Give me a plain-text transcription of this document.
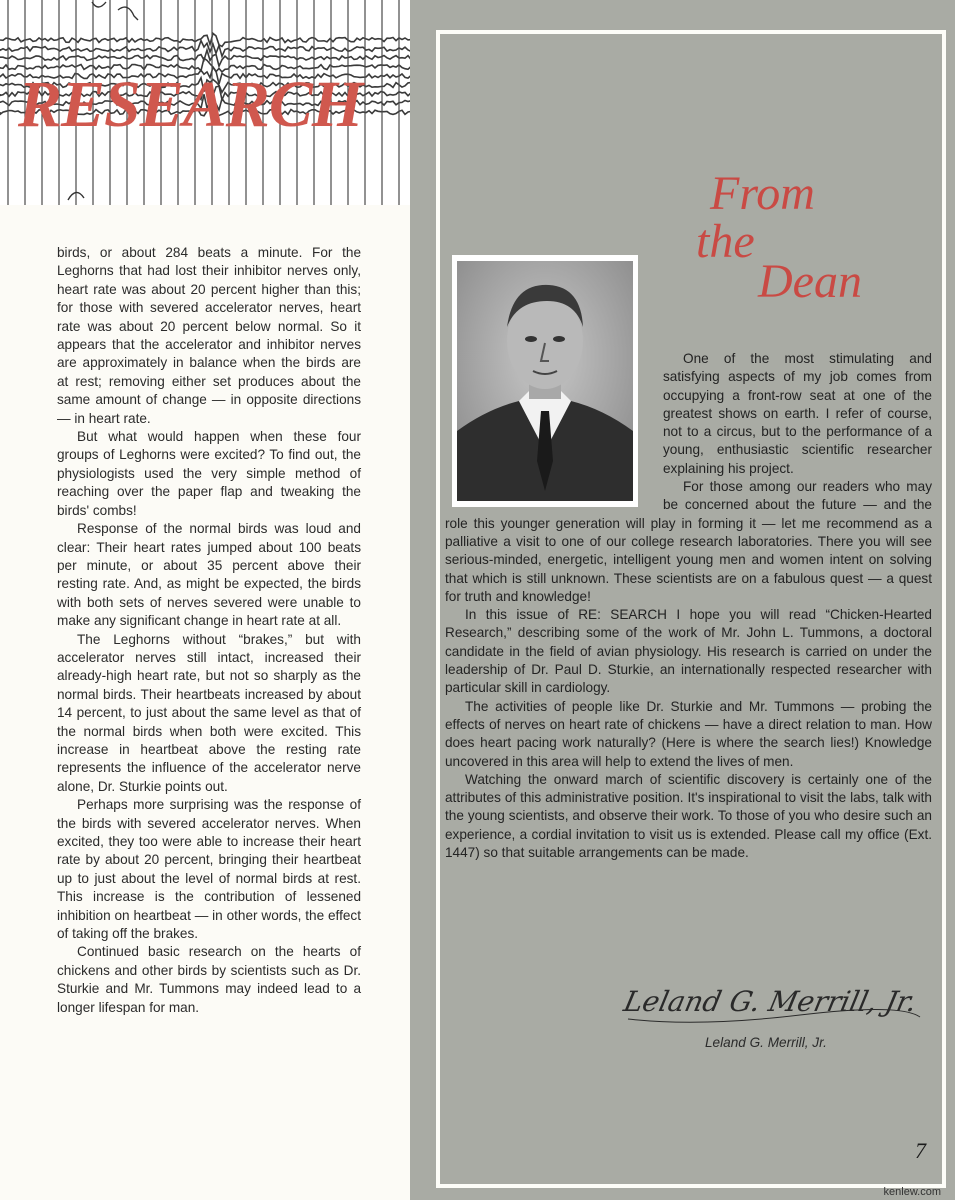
RESEARCH

birds, or about 284 beats a minute. For the Leghorns that had lost their inhibitor nerves only, heart rate was about 20 percent higher than this; for those with severed accelerator nerves, heart rate was about 20 percent below normal. So it appears that the accelerator and inhibitor nerves are approximately in balance when the birds are at rest; removing either set produces about the same amount of change — in opposite directions — in heart rate.

But what would happen when these four groups of Leghorns were excited? To find out, the physiologists used the very simple method of reaching over the paper flap and tweaking the birds' combs!

Response of the normal birds was loud and clear: Their heart rates jumped about 100 beats per minute, or about 35 percent above their resting rate. And, as might be expected, the birds with both sets of nerves severed were unable to make any significant change in heart rate at all.

The Leghorns without “brakes,” but with accelerator nerves still intact, increased their already-high heart rate, but not so sharply as the normal birds. Their heartbeats increased by about 14 percent, to just about the same level as that of the normal birds when both were excited. This increase in heartbeat above the resting rate represents the influence of the accelerator nerve alone, Dr. Sturkie points out.

Perhaps more surprising was the response of the birds with severed accelerator nerves. When excited, they too were able to increase their heart rate by about 20 percent, bringing their heartbeat up to just about the level of normal birds at rest. This increase is the contribution of lessened inhibition on heartbeat — in other words, the effect of taking off the brakes.

Continued basic research on the hearts of chickens and other birds by scientists such as Dr. Sturkie and Mr. Tummons may indeed lead to a longer lifespan for man.

From
the
Dean

One of the most stimulating and satisfying aspects of my job comes from occupying a front-row seat at one of the greatest shows on earth. I refer of course, not to a circus, but to the performance of a young, enthusiastic scientific researcher explaining his project.

For those among our readers who may be concerned about the future — and the role this younger generation will play in forming it — let me recommend as a palliative a visit to one of our college research laboratories. There you will see serious-minded, energetic, intelligent young men and women intent on solving that which is still unknown. These scientists are on a fabulous quest — a quest for truth and knowledge!

In this issue of RE: SEARCH I hope you will read “Chicken-Hearted Research,” describing some of the work of Mr. John L. Tummons, a doctoral candidate in the field of avian physiology. His research is carried on under the leadership of Dr. Paul D. Sturkie, an internationally respected researcher with particular skill in cardiology.

The activities of people like Dr. Sturkie and Mr. Tummons — probing the effects of nerves on heart rate of chickens — have a direct relation to man. How does heart pacing work naturally? (Here is where the search lies!) Knowledge uncovered in this area will help to extend the lives of men.

Watching the onward march of scientific discovery is certainly one of the attributes of this administrative position. It's inspirational to visit the labs, talk with the young scientists, and observe their work. To those of you who desire such an experience, a cordial invitation to visit us is extended. Please call my office (Ext. 1447) so that suitable arrangements can be made.

Leland G. Merrill, Jr.
Leland G. Merrill, Jr.
7
kenlew.com
